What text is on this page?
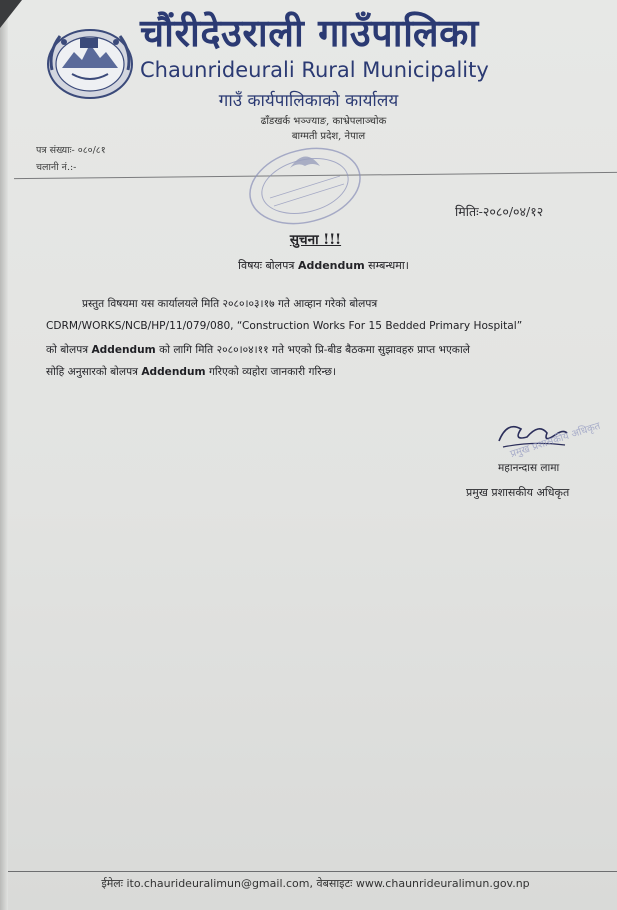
चौंरीदेउराली गाउँपालिका
Chaunrideurali Rural Municipality
गाउँ कार्यपालिकाको कार्यालय
ढाँडखर्क भञ्ज्याङ, काभ्रेपलाञ्चोक
बाग्मती प्रदेश, नेपाल
पत्र संख्याः- ०८०/८१
चलानी नं.:-
मितिः-२०८०/०४/१२
सुचना !!!
विषयः बोलपत्र Addendum सम्बन्धमा।
प्रस्तुत विषयमा यस कार्यालयले मिति २०८०।०३।१७ गते आव्हान गरेको बोलपत्र
CDRM/WORKS/NCB/HP/11/079/080, “Construction Works For 15 Bedded Primary Hospital”
को बोलपत्र Addendum को लागि मिति २०८०।०४।११ गते भएको प्रि-बीड बैठकमा सुझावहरु प्राप्त भएकाले
सोहि अनुसारको बोलपत्र Addendum गरिएको व्यहोरा जानकारी गरिन्छ।
प्रमुख प्रशासकीय अधिकृत
महानन्दास लामा
प्रमुख प्रशासकीय अधिकृत
ईमेलः ito.chaurideuralimun@gmail.com, वेबसाइटः www.chaunrideuralimun.gov.np
